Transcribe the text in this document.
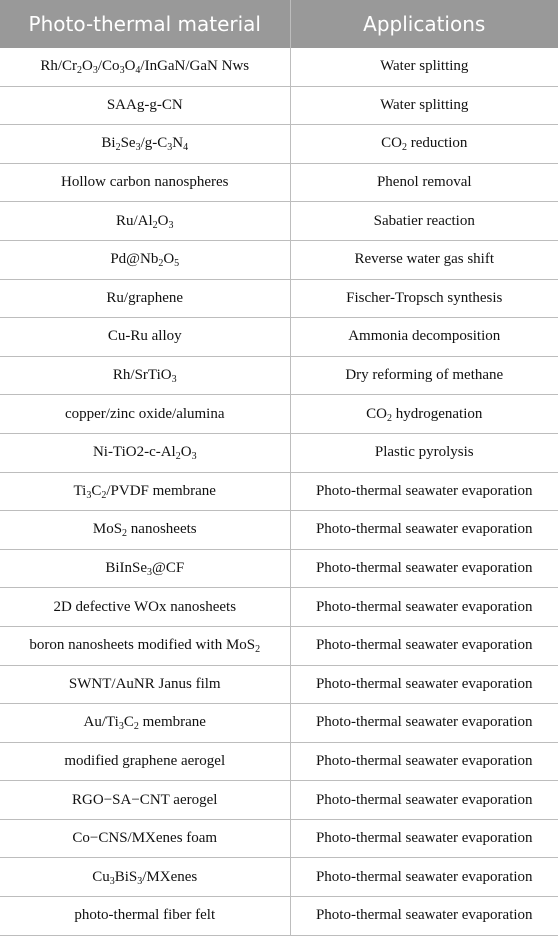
Photo-thermal material	Applications
$Rh/Cr_2O_3/Co_3O_4/InGaN$/GaN Nws	Water splitting
SAAg-g-CN	Water splitting
$Bi_2Se_3/g-C_3N_4$	$CO_2$ reduction
Hollow carbon nanospheres	Phenol removal
$Ru/Al_2O_3$	Sabatier reaction
$Pd@Nb_2O_5$	Reverse water gas shift
Ru/graphene	Fischer-Tropsch synthesis
Cu-Ru alloy	Ammonia decomposition
Rh/SrTiO$_3$	Dry reforming of methane
copper/zinc oxide/alumina	$CO_2$ hydrogenation
$Ni-TiO2-c-Al_2O_3$	Plastic pyrolysis
$Ti_3C_2$/PVDF membrane	Photo-thermal seawater evaporation
MoS$_2$ nanosheets	Photo-thermal seawater evaporation
BiInSe$_3$@CF	Photo-thermal seawater evaporation
2D defective WOx nanosheets	Photo-thermal seawater evaporation
boron nanosheets modified with MoS$_2$	Photo-thermal seawater evaporation
SWNT/AuNR Janus film	Photo-thermal seawater evaporation
$Au/Ti_3C_2$ membrane	Photo-thermal seawater evaporation
modified graphene aerogel	Photo-thermal seawater evaporation
RGO−SA−CNT aerogel	Photo-thermal seawater evaporation
Co−CNS/MXenes foam	Photo-thermal seawater evaporation
$Cu_3BiS_3$/MXenes	Photo-thermal seawater evaporation
photo-thermal fiber felt	Photo-thermal seawater evaporation
